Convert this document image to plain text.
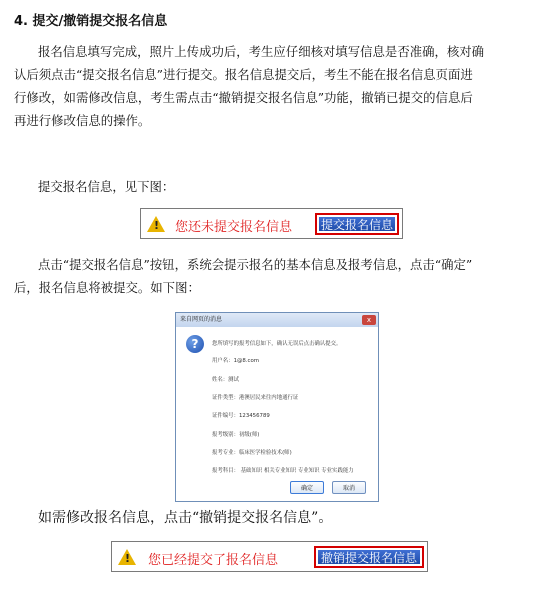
4. 提交/撤销提交报名信息
报名信息填写完成，照片上传成功后，考生应仔细核对填写信息是否准确，核对确
认后须点击“提交报名信息”进行提交。报名信息提交后，考生不能在报名信息页面进
行修改，如需修改信息，考生需点击“撤销提交报名信息”功能，撤销已提交的信息后
再进行修改信息的操作。
提交报名信息，见下图：
! 您还未提交报名信息 提交报名信息
点击“提交报名信息”按钮，系统会提示报名的基本信息及报考信息，点击“确定”
后，报名信息将被提交。如下图：
来自网页的消息	x
?	您所填写的报考信息如下，确认无误后点击确认提交。
用户名：1@8.com
姓名：测试
证件类型：港澳居民来往内地通行证
证件编号：123456789
报考级别：初级(师)
报考专业：临床医学检验技术(师)
报考科目： 基础知识 相关专业知识 专业知识 专业实践能力
确定	取消
如需修改报名信息，点击“撤销提交报名信息”。
! 您已经提交了报名信息	撤销提交报名信息
